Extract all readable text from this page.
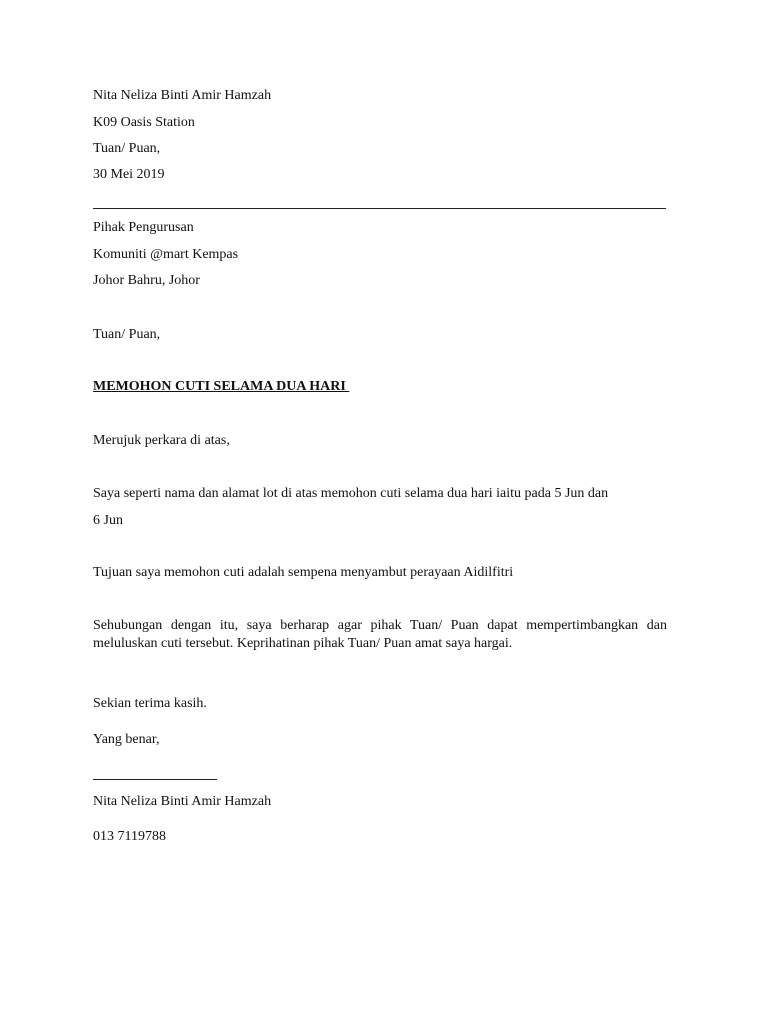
Nita Neliza Binti Amir Hamzah
K09 Oasis Station
Tuan/ Puan,
30 Mei 2019
Pihak Pengurusan
Komuniti @mart Kempas
Johor Bahru, Johor
Tuan/ Puan,
MEMOHON CUTI SELAMA DUA HARI
Merujuk perkara di atas,
Saya seperti nama dan alamat lot di atas memohon cuti selama dua hari iaitu pada 5 Jun dan
6 Jun
Tujuan saya memohon cuti adalah sempena menyambut perayaan Aidilfitri
Sehubungan dengan itu, saya berharap agar pihak Tuan/ Puan dapat mempertimbangkan dan meluluskan cuti tersebut. Keprihatinan pihak Tuan/ Puan amat saya hargai.
Sekian terima kasih.
Yang benar,
Nita Neliza Binti Amir Hamzah
013 7119788
